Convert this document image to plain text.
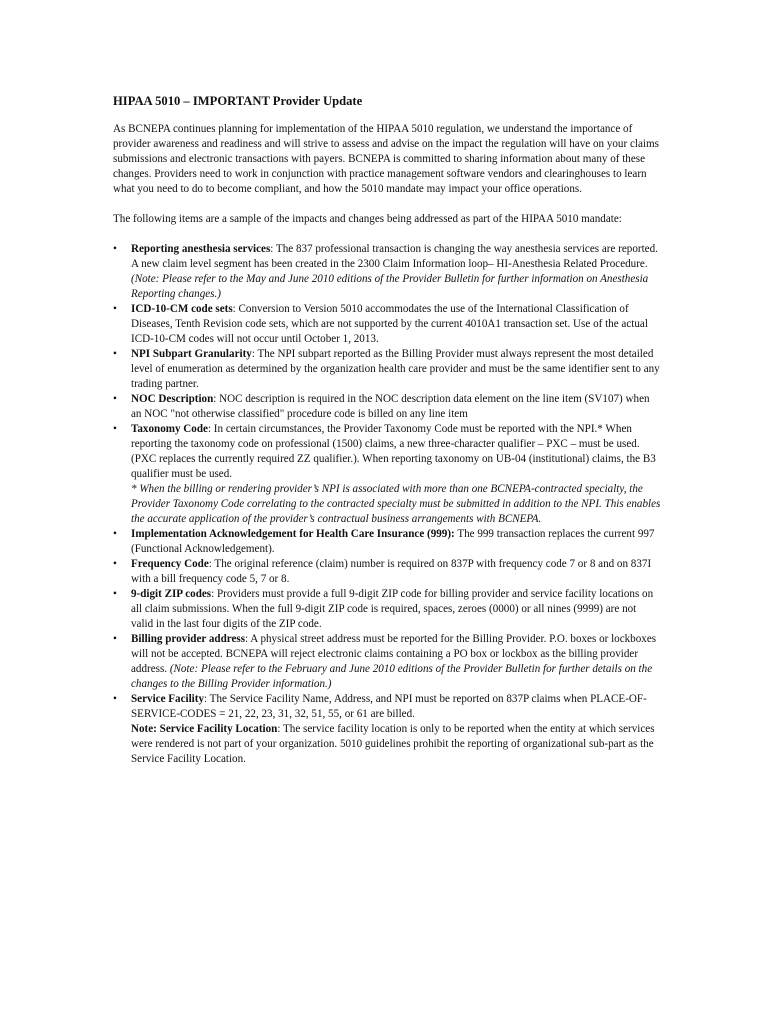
HIPAA 5010 – IMPORTANT Provider Update

As BCNEPA continues planning for implementation of the HIPAA 5010 regulation, we understand the importance of provider awareness and readiness and will strive to assess and advise on the impact the regulation will have on your claims submissions and electronic transactions with payers. BCNEPA is committed to sharing information about many of these changes. Providers need to work in conjunction with practice management software vendors and clearinghouses to learn what you need to do to become compliant, and how the 5010 mandate may impact your office operations.

The following items are a sample of the impacts and changes being addressed as part of the HIPAA 5010 mandate:

• Reporting anesthesia services: The 837 professional transaction is changing the way anesthesia services are reported. A new claim level segment has been created in the 2300 Claim Information loop– HI-Anesthesia Related Procedure. (Note: Please refer to the May and June 2010 editions of the Provider Bulletin for further information on Anesthesia Reporting changes.)
• ICD-10-CM code sets: Conversion to Version 5010 accommodates the use of the International Classification of Diseases, Tenth Revision code sets, which are not supported by the current 4010A1 transaction set. Use of the actual ICD-10-CM codes will not occur until October 1, 2013.
• NPI Subpart Granularity: The NPI subpart reported as the Billing Provider must always represent the most detailed level of enumeration as determined by the organization health care provider and must be the same identifier sent to any trading partner.
• NOC Description: NOC description is required in the NOC description data element on the line item (SV107) when an NOC "not otherwise classified" procedure code is billed on any line item
• Taxonomy Code: In certain circumstances, the Provider Taxonomy Code must be reported with the NPI.* When reporting the taxonomy code on professional (1500) claims, a new three-character qualifier – PXC – must be used. (PXC replaces the currently required ZZ qualifier.). When reporting taxonomy on UB-04 (institutional) claims, the B3 qualifier must be used.
* When the billing or rendering provider’s NPI is associated with more than one BCNEPA-contracted specialty, the Provider Taxonomy Code correlating to the contracted specialty must be submitted in addition to the NPI. This enables the accurate application of the provider’s contractual business arrangements with BCNEPA.
• Implementation Acknowledgement for Health Care Insurance (999): The 999 transaction replaces the current 997 (Functional Acknowledgement).
• Frequency Code: The original reference (claim) number is required on 837P with frequency code 7 or 8 and on 837I with a bill frequency code 5, 7 or 8.
• 9-digit ZIP codes: Providers must provide a full 9-digit ZIP code for billing provider and service facility locations on all claim submissions. When the full 9-digit ZIP code is required, spaces, zeroes (0000) or all nines (9999) are not valid in the last four digits of the ZIP code.
• Billing provider address: A physical street address must be reported for the Billing Provider. P.O. boxes or lockboxes will not be accepted. BCNEPA will reject electronic claims containing a PO box or lockbox as the billing provider address. (Note: Please refer to the February and June 2010 editions of the Provider Bulletin for further details on the changes to the Billing Provider information.)
• Service Facility: The Service Facility Name, Address, and NPI must be reported on 837P claims when PLACE-OF-SERVICE-CODES = 21, 22, 23, 31, 32, 51, 55, or 61 are billed.
Note: Service Facility Location: The service facility location is only to be reported when the entity at which services were rendered is not part of your organization. 5010 guidelines prohibit the reporting of organizational sub-part as the Service Facility Location.
